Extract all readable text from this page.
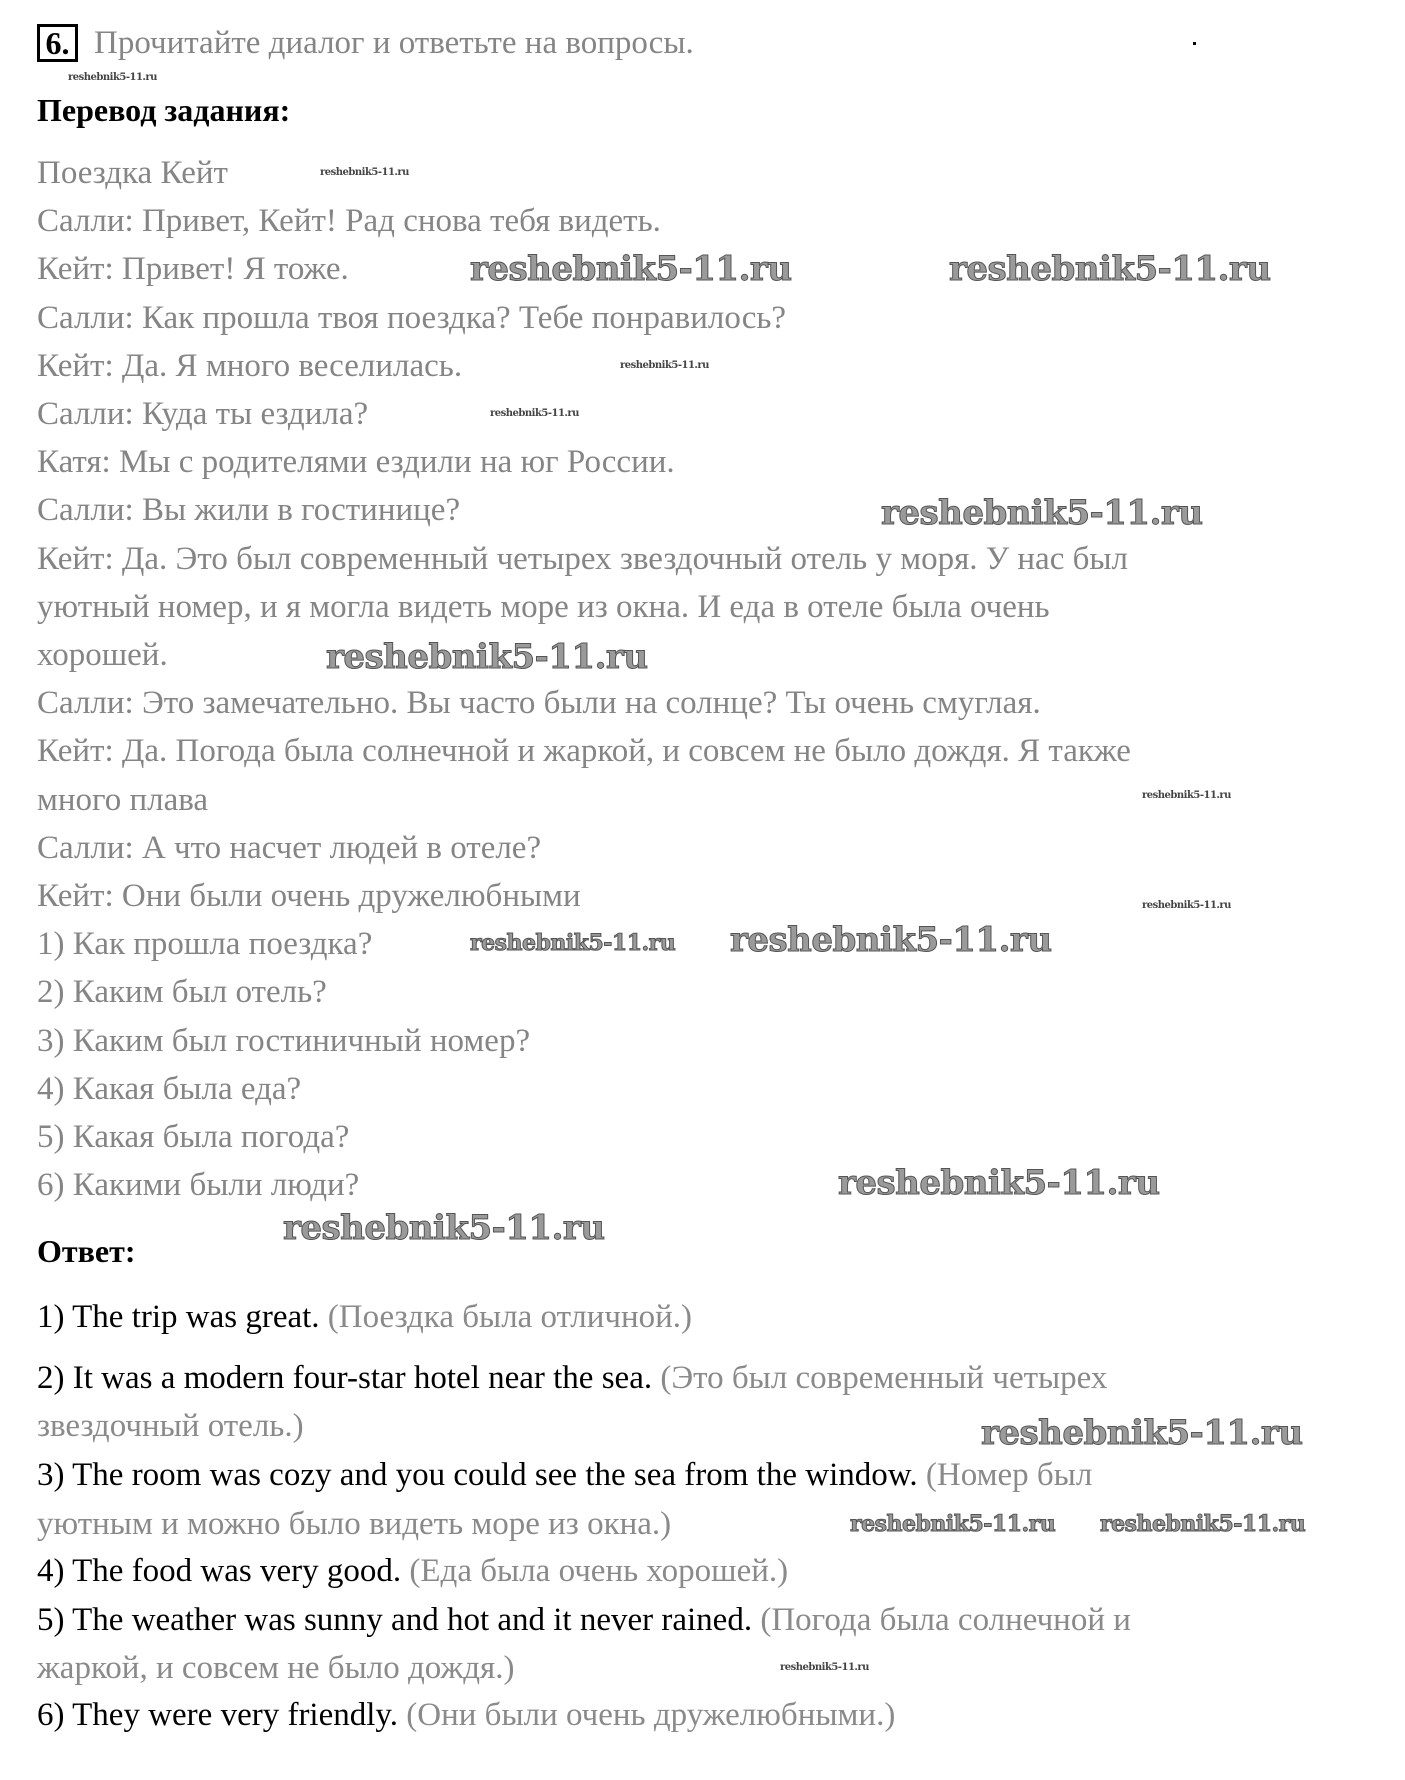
6. Прочитайте диалог и ответьте на вопросы.
Перевод задания:
Поездка Кейт
Салли: Привет, Кейт! Рад снова тебя видеть.
Кейт: Привет! Я тоже.
Салли: Как прошла твоя поездка? Тебе понравилось?
Кейт: Да. Я много веселилась.
Салли: Куда ты ездила?
Катя: Мы с родителями ездили на юг России.
Салли: Вы жили в гостинице?
Кейт: Да. Это был современный четырех звездочный отель у моря. У нас был
уютный номер, и я могла видеть море из окна. И еда в отеле была очень
хорошей.
Салли: Это замечательно. Вы часто были на солнце? Ты очень смуглая.
Кейт: Да. Погода была солнечной и жаркой, и совсем не было дождя. Я также
много плава
Салли: А что насчет людей в отеле?
Кейт: Они были очень дружелюбными
1) Как прошла поездка?
2) Каким был отель?
3) Каким был гостиничный номер?
4) Какая была еда?
5) Какая была погода?
6) Какими были люди?
Ответ:
1) The trip was great. (Поездка была отличной.)
2) It was a modern four-star hotel near the sea. (Это был современный четырех
звездочный отель.)
3) The room was cozy and you could see the sea from the window. (Номер был
уютным и можно было видеть море из окна.)
4) The food was very good. (Еда была очень хорошей.)
5) The weather was sunny and hot and it never rained. (Погода была солнечной и
жаркой, и совсем не было дождя.)
6) They were very friendly. (Они были очень дружелюбными.)
reshebnik5-11.ru
reshebnik5-11.ru
reshebnik5-11.ru
reshebnik5-11.ru
reshebnik5-11.ru
reshebnik5-11.ru
reshebnik5-11.ru
reshebnik5-11.ru	reshebnik5-11.ru
reshebnik5-11.ru
reshebnik5-11.ru
reshebnik5-11.ru reshebnik5-11.ru
reshebnik5-11.ru
reshebnik5-11.ru
reshebnik5-11.ru
reshebnik5-11.ru reshebnik5-11.ru
